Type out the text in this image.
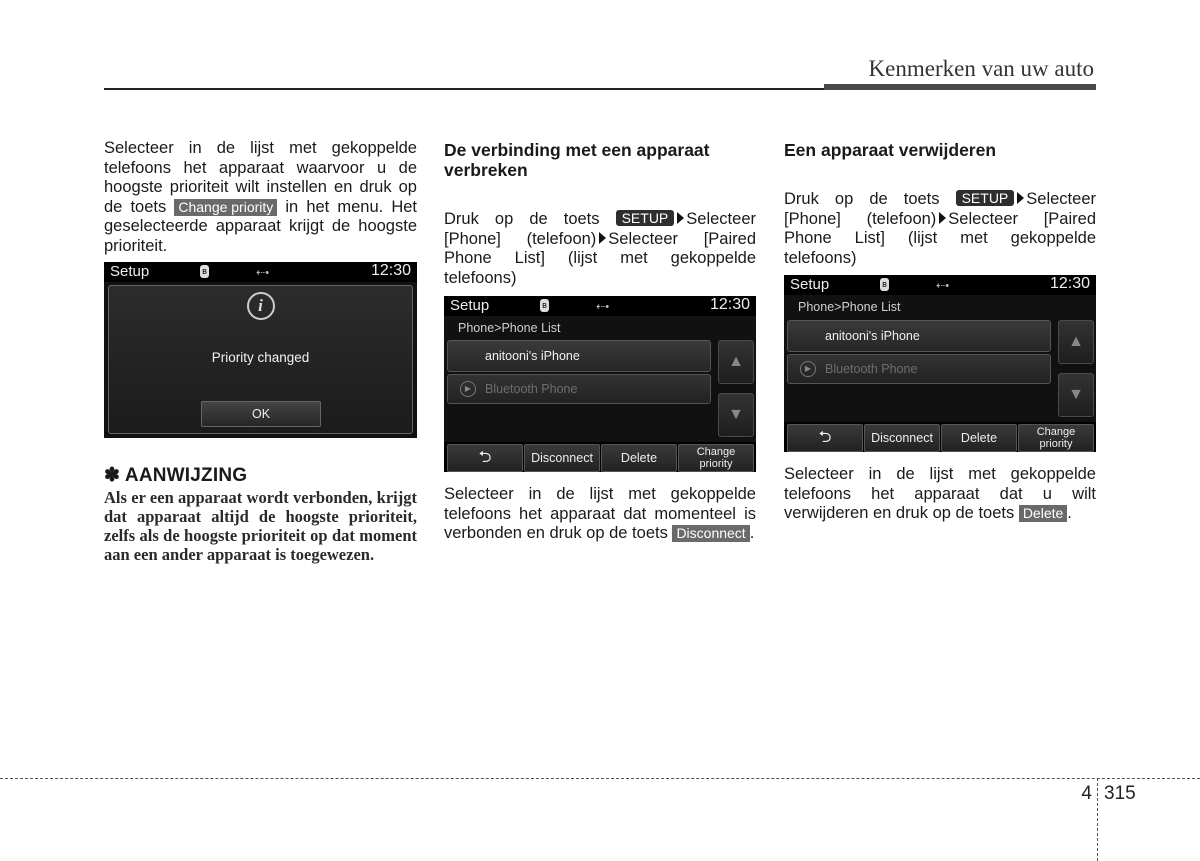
Kenmerken van uw auto
Selecteer in de lijst met gekoppelde telefoons het apparaat waarvoor u de hoogste prioriteit wilt instellen en druk op de toets Change priority in het menu. Het geselecteerde apparaat krijgt de hoogste prioriteit.
Setup	ʙ	⇠•	12:30
i
Priority changed
OK
✽ AANWIJZING
Als er een apparaat wordt verbonden, krijgt dat apparaat altijd de hoogste prioriteit, zelfs als de hoogste prioriteit op dat moment aan een ander apparaat is toegewezen.
De verbinding met een apparaat verbreken
Druk op de toets SETUP Selecteer [Phone] (telefoon) Selecteer [Paired Phone List] (lijst met gekoppelde telefoons)
Setup	ʙ	⇠•	12:30
Phone>Phone List
anitooni's iPhone
▶	Bluetooth Phone
▲
▼
⮌	Disconnect	Delete	Change
priority
Selecteer in de lijst met gekoppelde telefoons het apparaat dat momenteel is verbonden en druk op de toets Disconnect .
Een apparaat verwijderen
Druk op de toets SETUP Selecteer [Phone] (telefoon) Selecteer [Paired Phone List] (lijst met gekoppelde telefoons)
Setup	ʙ	⇠•	12:30
Phone>Phone List
anitooni's iPhone
▶	Bluetooth Phone
▲
▼
⮌	Disconnect	Delete	Change
priority
Selecteer in de lijst met gekoppelde telefoons het apparaat dat u wilt verwijderen en druk op de toets Delete .
4 315
